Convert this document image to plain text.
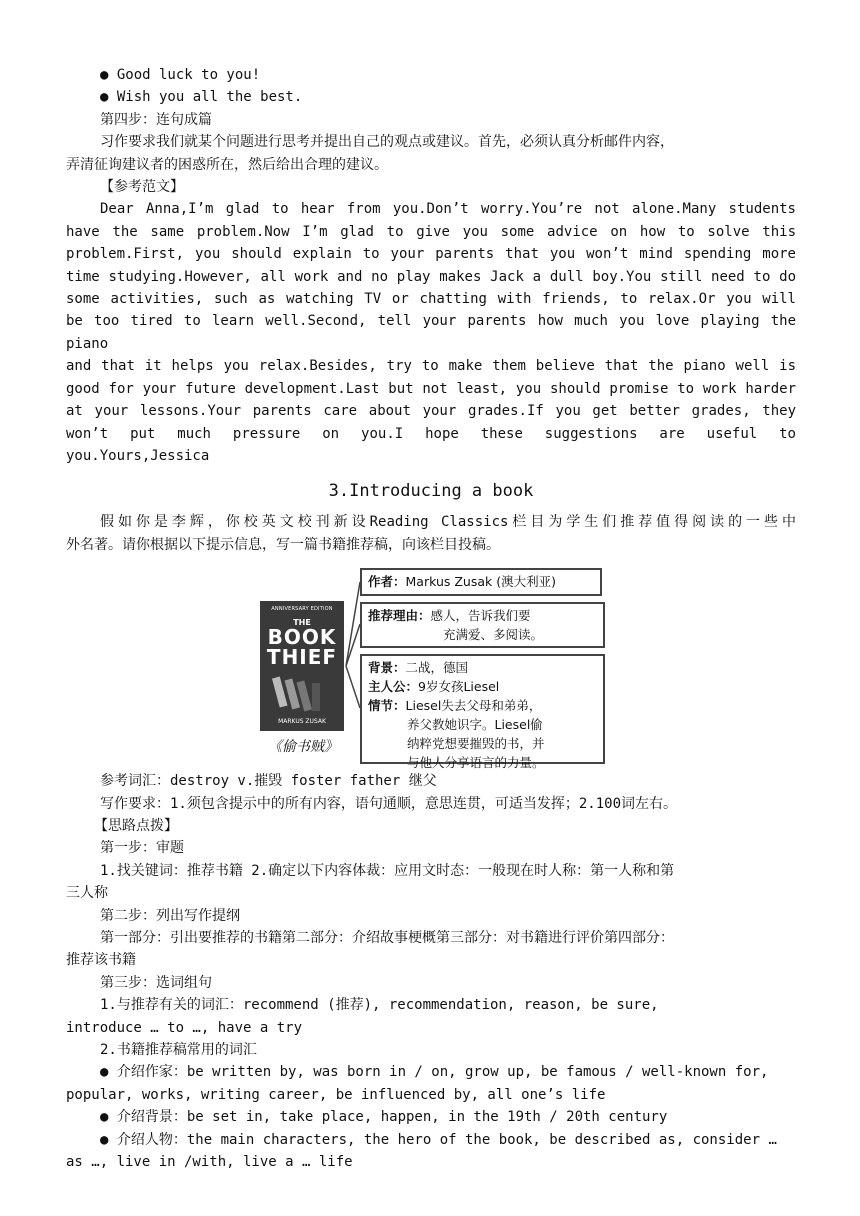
● Good luck to you!
● Wish you all the best.
第四步：连句成篇
习作要求我们就某个问题进行思考并提出自己的观点或建议。首先，必须认真分析邮件内容，
弄清征询建议者的困惑所在，然后给出合理的建议。
【参考范文】
Dear Anna,I’m glad to hear from you.Don’t worry.You’re not alone.Many students
have the same problem.Now I’m glad to give you some advice on how to solve this
problem.First, you should explain to your parents that you won’t mind spending more
time studying.However, all work and no play makes Jack a dull boy.You still need to do
some activities, such as watching TV or chatting with friends, to relax.Or you will
be too tired to learn well.Second, tell your parents how much you love playing the piano
and that it helps you relax.Besides, try to make them believe that the piano well is
good for your future development.Last but not least, you should promise to work harder
at your lessons.Your parents care about your grades.If you get better grades, they
won’t put much pressure on you.I hope these suggestions are useful to you.Yours,Jessica
3.Introducing a book
假如你是李辉，你校英文校刊新设Reading Classics栏目为学生们推荐值得阅读的一些中
外名著。请你根据以下提示信息，写一篇书籍推荐稿，向该栏目投稿。
ANNIVERSARY EDITION
THE
BOOK
THIEF
MARKUS ZUSAK
《偷书贼》
作者：Markus Zusak (澳大利亚)
推荐理由：感人，告诉我们要
充满爱、多阅读。
背景：二战，德国
主人公：9岁女孩Liesel
情节：Liesel失去父母和弟弟，
养父教她识字。Liesel偷
纳粹党想要摧毁的书，并
与他人分享语言的力量。
参考词汇：destroy v.摧毁 foster father 继父
写作要求：1.须包含提示中的所有内容，语句通顺，意思连贯，可适当发挥；2.100词左右。
【思路点拨】
第一步：审题
1.找关键词：推荐书籍 2.确定以下内容体裁：应用文时态：一般现在时人称：第一人称和第
三人称
第二步：列出写作提纲
第一部分：引出要推荐的书籍第二部分：介绍故事梗概第三部分：对书籍进行评价第四部分：
推荐该书籍
第三步：选词组句
1.与推荐有关的词汇：recommend (推荐), recommendation, reason, be sure,
introduce … to …, have a try
2.书籍推荐稿常用的词汇
● 介绍作家：be written by, was born in / on, grow up, be famous / well-known for,
popular, works, writing career, be influenced by, all one’s life
● 介绍背景：be set in, take place, happen, in the 19th / 20th century
● 介绍人物：the main characters, the hero of the book, be described as, consider …
as …, live in /with, live a … life
